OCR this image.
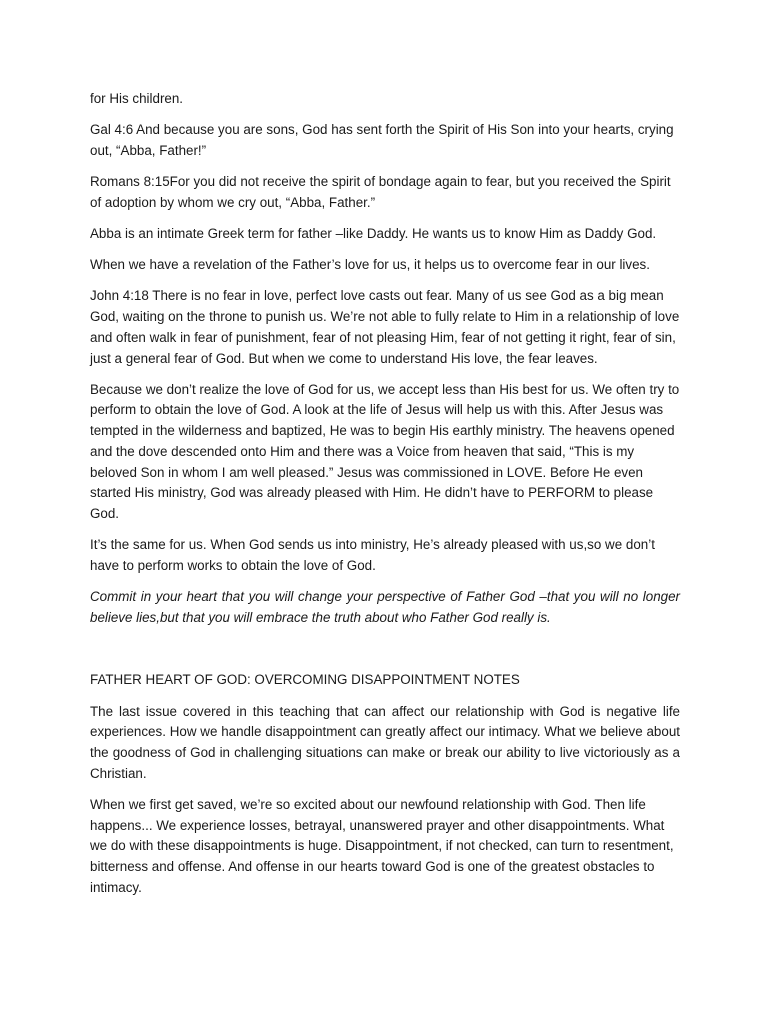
for His children.

Gal 4:6 And because you are sons, God has sent forth the Spirit of His Son into your hearts, crying out, “Abba, Father!”

Romans 8:15For you did not receive the spirit of bondage again to fear, but you received the Spirit of adoption by whom we cry out, “Abba, Father.”

Abba is an intimate Greek term for father –like Daddy. He wants us to know Him as Daddy God.

When we have a revelation of the Father’s love for us, it helps us to overcome fear in our lives.

John 4:18 There is no fear in love, perfect love casts out fear. Many of us see God as a big mean God, waiting on the throne to punish us. We’re not able to fully relate to Him in a relationship of love and often walk in fear of punishment, fear of not pleasing Him, fear of not getting it right, fear of sin, just a general fear of God. But when we come to understand His love, the fear leaves.

Because we don’t realize the love of God for us, we accept less than His best for us. We often try to perform to obtain the love of God. A look at the life of Jesus will help us with this. After Jesus was tempted in the wilderness and baptized, He was to begin His earthly ministry. The heavens opened and the dove descended onto Him and there was a Voice from heaven that said, “This is my beloved Son in whom I am well pleased.” Jesus was commissioned in LOVE. Before He even started His ministry, God was already pleased with Him. He didn’t have to PERFORM to please God.

It’s the same for us. When God sends us into ministry, He’s already pleased with us,so we don’t have to perform works to obtain the love of God.

Commit in your heart that you will change your perspective of Father God –that you will no longer believe lies,but that you will embrace the truth about who Father God really is.

FATHER HEART OF GOD: OVERCOMING DISAPPOINTMENT NOTES

The last issue covered in this teaching that can affect our relationship with God is negative life experiences. How we handle disappointment can greatly affect our intimacy. What we believe about the goodness of God in challenging situations can make or break our ability to live victoriously as a Christian.

When we first get saved, we’re so excited about our newfound relationship with God. Then life happens... We experience losses, betrayal, unanswered prayer and other disappointments. What we do with these disappointments is huge. Disappointment, if not checked, can turn to resentment, bitterness and offense. And offense in our hearts toward God is one of the greatest obstacles to intimacy.
